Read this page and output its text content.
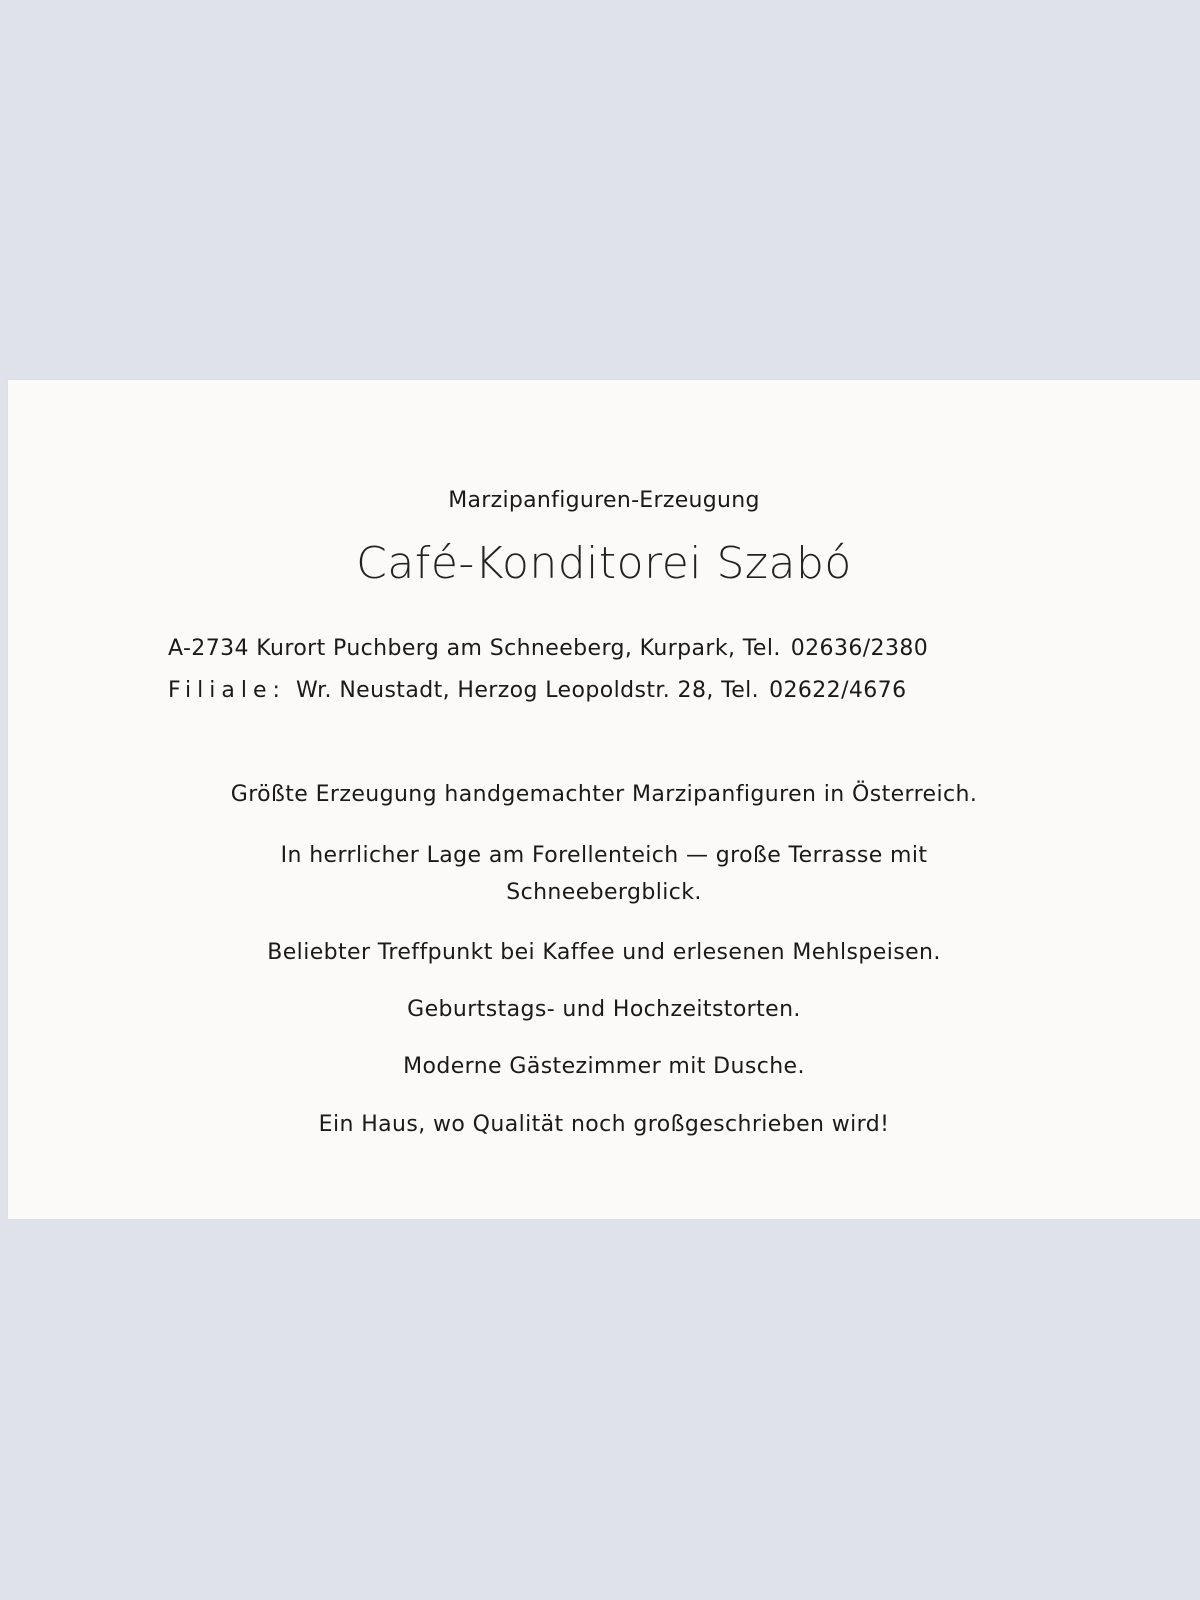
Marzipanfiguren-Erzeugung
Café-Konditorei Szabó
A-2734 Kurort Puchberg am Schneeberg, Kurpark, Tel. 02636/2380
Filiale: Wr. Neustadt, Herzog Leopoldstr. 28, Tel. 02622/4676
Größte Erzeugung handgemachter Marzipanfiguren in Österreich.
In herrlicher Lage am Forellenteich — große Terrasse mit
Schneebergblick.
Beliebter Treffpunkt bei Kaffee und erlesenen Mehlspeisen.
Geburtstags- und Hochzeitstorten.
Moderne Gästezimmer mit Dusche.
Ein Haus, wo Qualität noch großgeschrieben wird!
